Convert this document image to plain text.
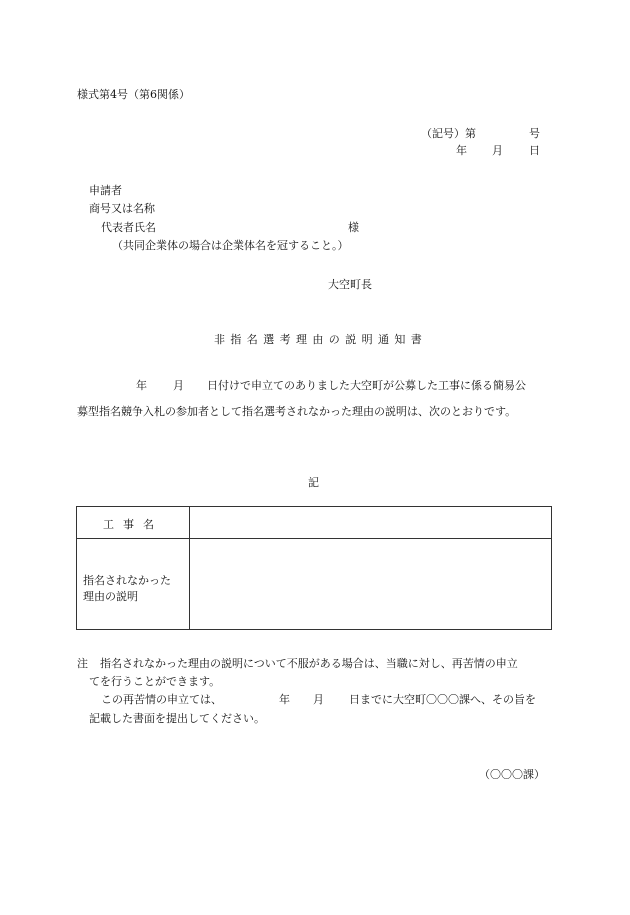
様式第4号（第6関係）
（記号）第	号
年 月 日
申請者
商号又は名称
代表者氏名	様
（共同企業体の場合は企業体名を冠すること。）
大空町長
非指名選考理由の説明通知書
年 月 日付けで申立てのありました大空町が公募した工事に係る簡易公
募型指名競争入札の参加者として指名選考されなかった理由の説明は、次のとおりです。
記
工事名
指名されなかった
理由の説明
注 指名されなかった理由の説明について不服がある場合は、当職に対し、再苦情の申立
てを行うことができます。
この再苦情の申立ては、	年 月 日までに大空町〇〇〇課へ、その旨を
記載した書面を提出してください。
（〇〇〇課）
